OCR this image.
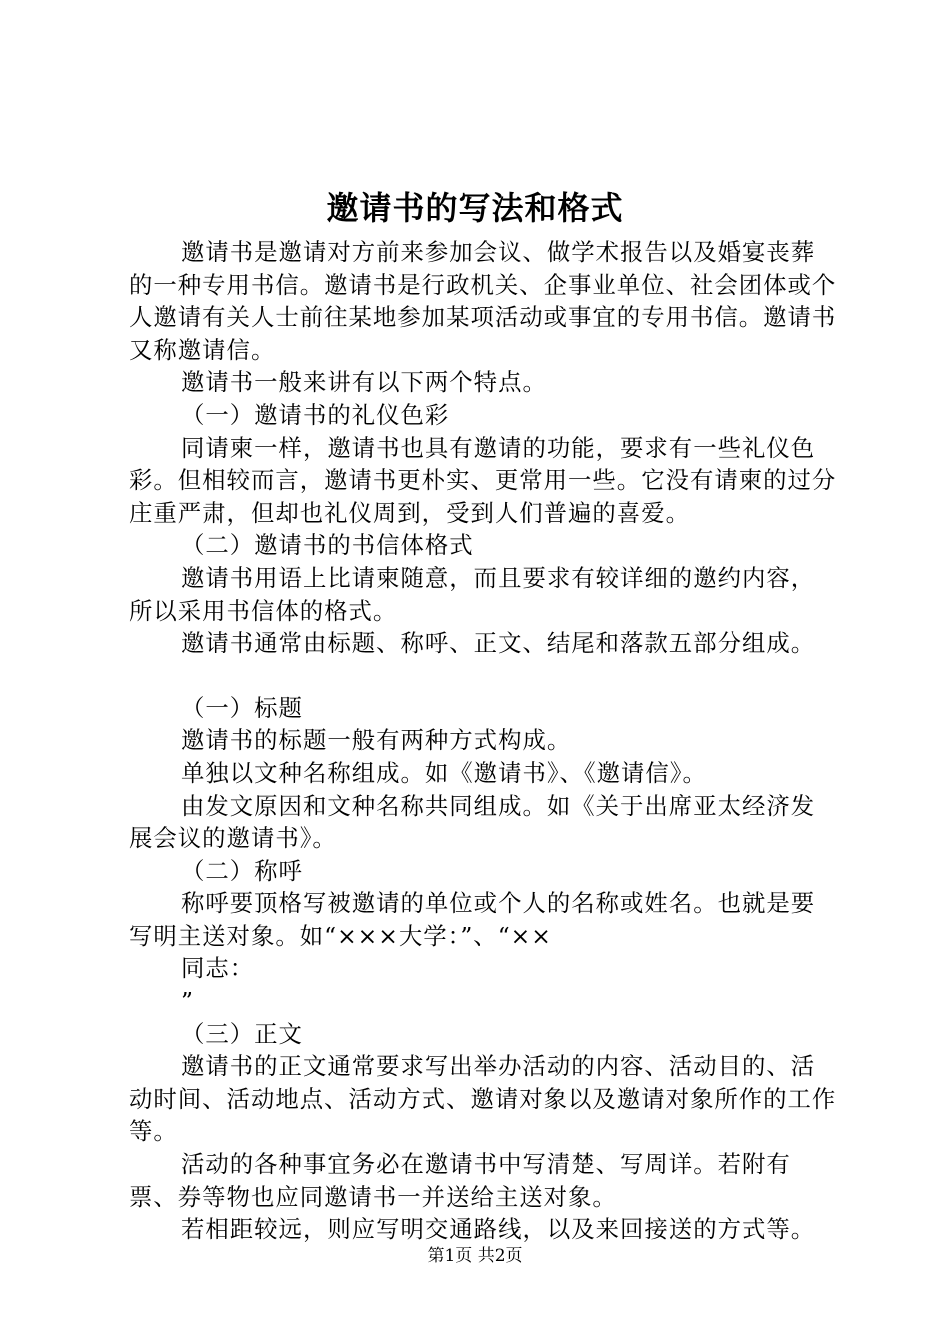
邀请书的写法和格式

邀请书是邀请对方前来参加会议、做学术报告以及婚宴丧葬的一种专用书信。邀请书是行政机关、企事业单位、社会团体或个人邀请有关人士前往某地参加某项活动或事宜的专用书信。邀请书又称邀请信。

邀请书一般来讲有以下两个特点。

（一）邀请书的礼仪色彩

同请柬一样，邀请书也具有邀请的功能，要求有一些礼仪色彩。但相较而言，邀请书更朴实、更常用一些。它没有请柬的过分庄重严肃，但却也礼仪周到，受到人们普遍的喜爱。

（二）邀请书的书信体格式

邀请书用语上比请柬随意，而且要求有较详细的邀约内容，所以采用书信体的格式。

邀请书通常由标题、称呼、正文、结尾和落款五部分组成。

（一）标题

邀请书的标题一般有两种方式构成。

单独以文种名称组成。如《邀请书》、《邀请信》。

由发文原因和文种名称共同组成。如《关于出席亚太经济发展会议的邀请书》。

（二）称呼

称呼要顶格写被邀请的单位或个人的名称或姓名。也就是要写明主送对象。如“×××大学：”、“××

同志：

”

（三）正文

邀请书的正文通常要求写出举办活动的内容、活动目的、活动时间、活动地点、活动方式、邀请对象以及邀请对象所作的工作等。

活动的各种事宜务必在邀请书中写清楚、写周详。若附有票、券等物也应同邀请书一并送给主送对象。

若相距较远，则应写明交通路线，以及来回接送的方式等。

第1页 共2页
